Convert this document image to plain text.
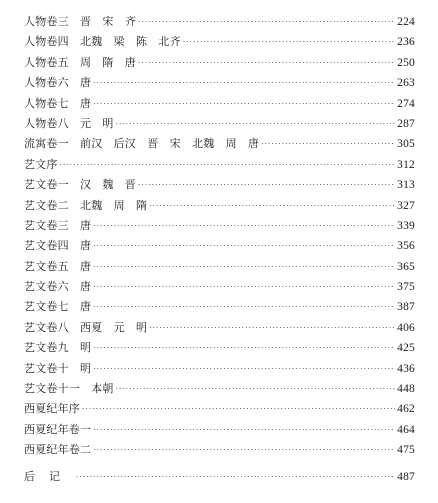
人物卷三　晋　宋　齐 ·····	224
人物卷四　北魏　梁　陈　北齐 ·····	236
人物卷五　周　隋　唐 ·····	250
人物卷六　唐 ·····	263
人物卷七　唐 ·····	274
人物卷八　元　明 ·····	287
流寓卷一　前汉　后汉　晋　宋　北魏　周　唐 ·····	305
艺文序 ·····	312
艺文卷一　汉　魏　晋 ·····	313
艺文卷二　北魏　周　隋 ·····	327
艺文卷三　唐 ·····	339
艺文卷四　唐 ·····	356
艺文卷五　唐 ·····	365
艺文卷六　唐 ·····	375
艺文卷七　唐 ·····	387
艺文卷八　西夏　元　明 ·····	406
艺文卷九　明 ·····	425
艺文卷十　明 ·····	436
艺文卷十一　本朝 ·····	448
西夏纪年序 ·····	462
西夏纪年卷一 ·····	464
西夏纪年卷二 ·····	475
后记 ·····	487
